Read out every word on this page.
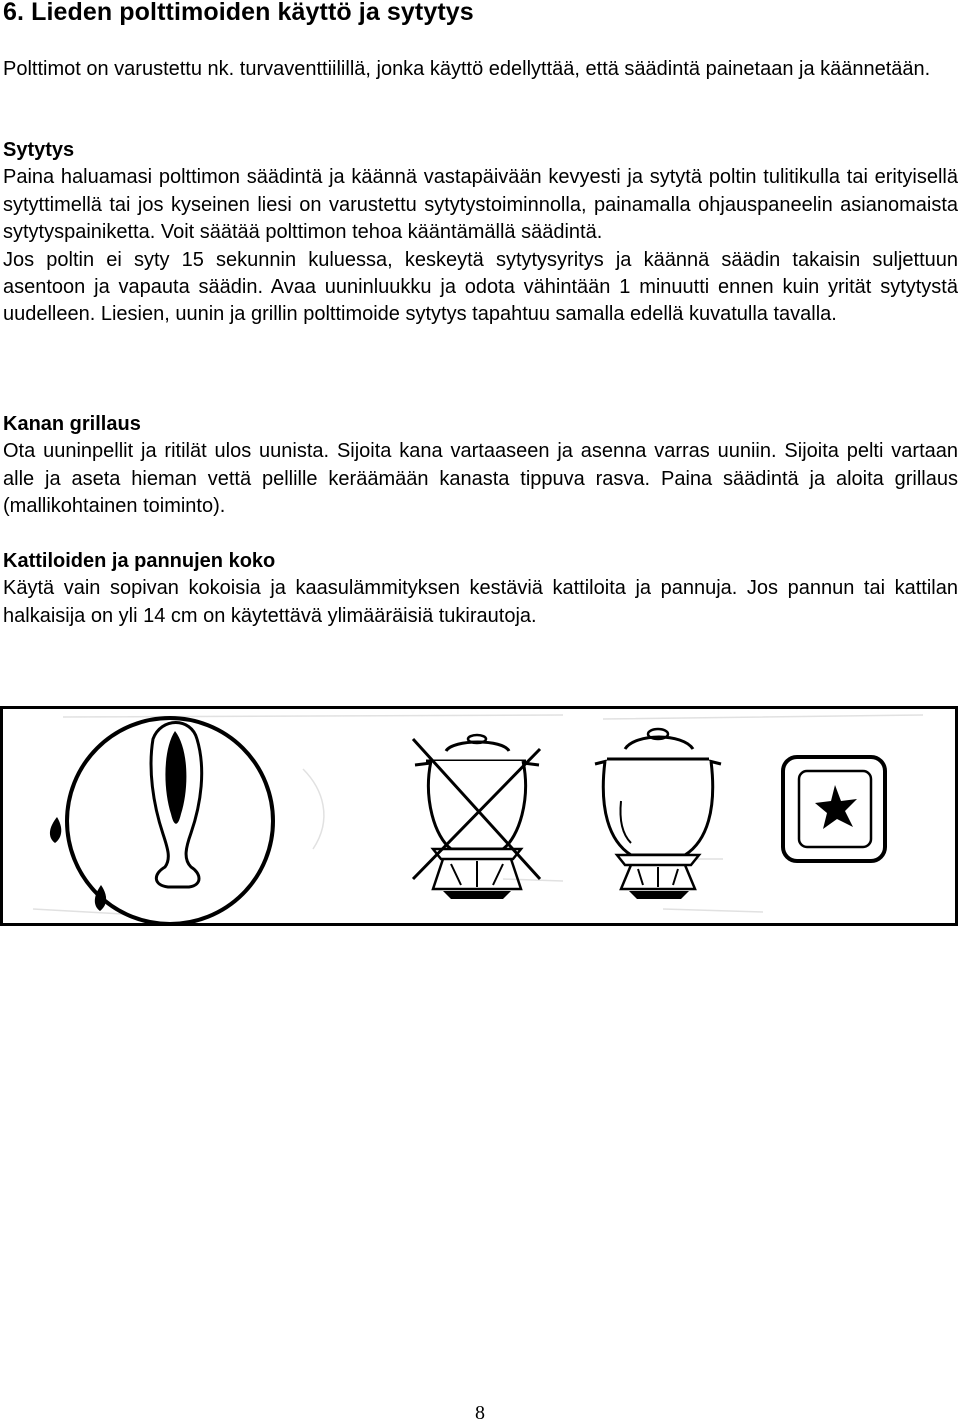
6. Lieden polttimoiden käyttö ja sytytys

Polttimot on varustettu nk. turvaventtiilillä, jonka käyttö edellyttää, että säädintä painetaan ja käännetään.

Sytytys
Paina haluamasi polttimon säädintä ja käännä vastapäivään kevyesti ja sytytä poltin tulitikulla tai erityisellä sytyttimellä tai jos kyseinen liesi on varustettu sytytystoiminnolla, painamalla ohjauspaneelin asianomaista sytytyspainiketta. Voit säätää polttimon tehoa kääntämällä säädintä.
Jos poltin ei syty 15 sekunnin kuluessa, keskeytä sytytysyritys ja käännä säädin takaisin suljettuun asentoon ja vapauta säädin. Avaa uuninluukku ja odota vähintään 1 minuutti ennen kuin yrität sytytystä uudelleen. Liesien, uunin ja grillin polttimoide sytytys tapahtuu samalla edellä kuvatulla tavalla.
Kanan grillaus
Ota uuninpellit ja ritilät ulos uunista. Sijoita kana vartaaseen ja asenna varras uuniin. Sijoita pelti vartaan alle ja aseta hieman vettä pellille keräämään kanasta tippuva rasva. Paina säädintä ja aloita grillaus (mallikohtainen toiminto).
Kattiloiden ja pannujen koko
Käytä vain sopivan kokoisia ja kaasulämmityksen kestäviä kattiloita ja pannuja. Jos pannun tai kattilan halkaisija on yli 14 cm on käytettävä ylimääräisiä tukirautoja.
8
